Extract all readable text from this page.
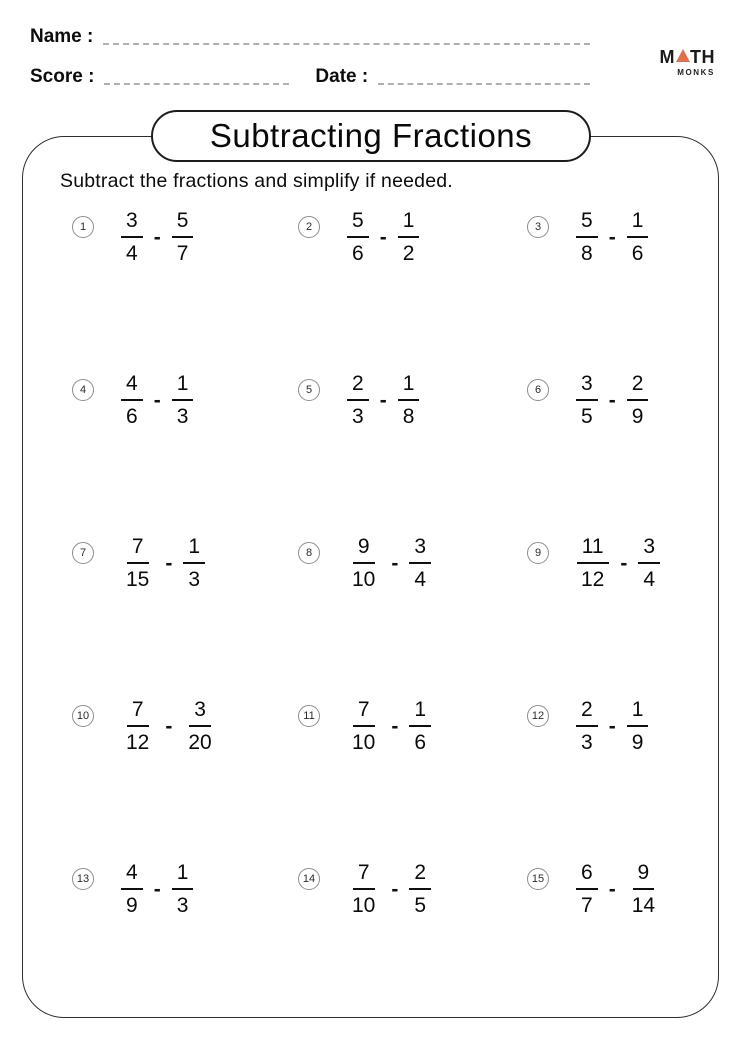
Name :
Score :	Date :
M TH
MONKS
Subtracting Fractions
Subtract the fractions and simplify if needed.
1	$\frac{3}{4} - \frac{5}{7}$	2	$\frac{5}{6} - \frac{1}{2}$	3	$\frac{5}{8} - \frac{1}{6}$
4	$\frac{4}{6} - \frac{1}{3}$	5	$\frac{2}{3} - \frac{1}{8}$	6	$\frac{3}{5} - \frac{2}{9}$
7	$\frac{7}{15} - \frac{1}{3}$	8	$\frac{9}{10} - \frac{3}{4}$	9	$\frac{11}{12} - \frac{3}{4}$
$10 \frac{7}{12} - \frac{3}{20}$	$11 \frac{7}{10} - \frac{1}{6}$	$12 \frac{2}{3} - \frac{1}{9}$
$13 \frac{4}{9} - \frac{1}{3}$	$14 \frac{7}{10} - \frac{2}{5}$	$15 \frac{6}{7} - \frac{9}{14}$
